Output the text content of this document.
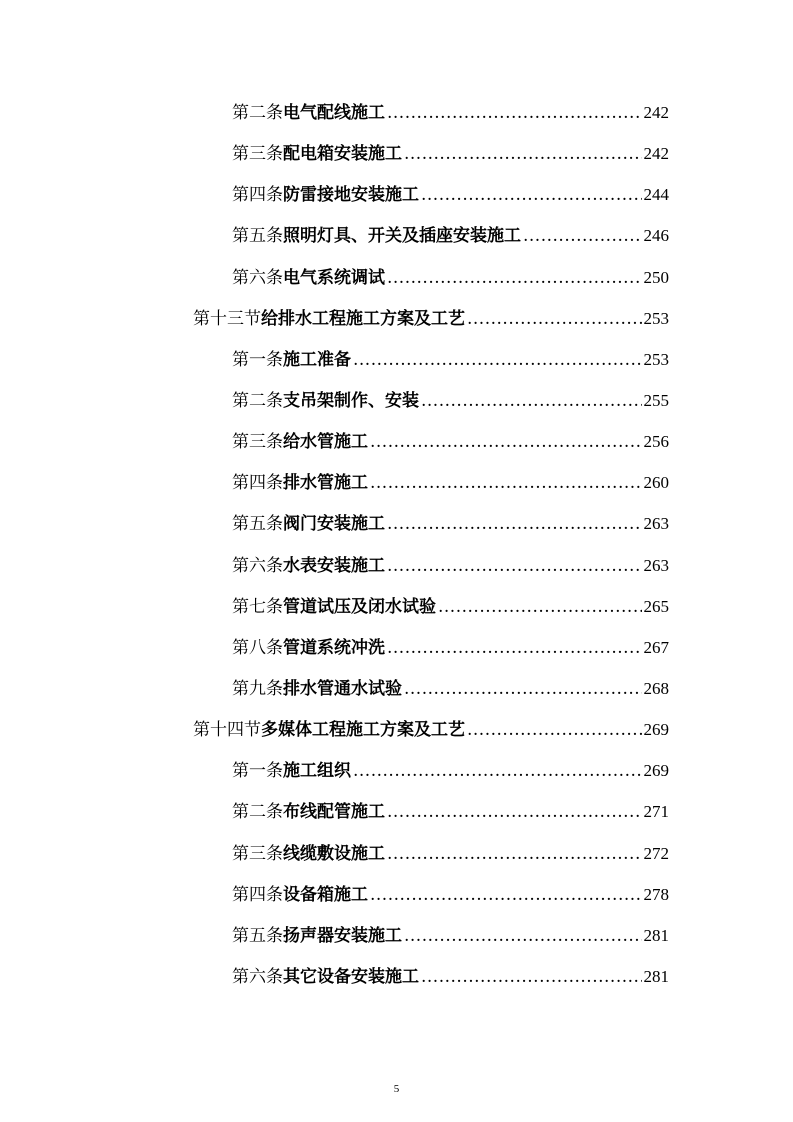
第二条 电气配线施工 .....	242
第三条 配电箱安装施工 .....	242
第四条 防雷接地安装施工 .....	244
第五条 照明灯具、开关及插座安装施工 .....	246
第六条 电气系统调试 .....	250
第十三节 给排水工程施工方案及工艺 .....	253
第一条 施工准备 .....	253
第二条 支吊架制作、安装 .....	255
第三条 给水管施工 .....	256
第四条 排水管施工 .....	260
第五条 阀门安装施工 .....	263
第六条 水表安装施工 .....	263
第七条 管道试压及闭水试验 .....	265
第八条 管道系统冲洗 .....	267
第九条 排水管通水试验 .....	268
第十四节 多媒体工程施工方案及工艺 .....	269
第一条 施工组织 .....	269
第二条 布线配管施工 .....	271
第三条 线缆敷设施工 .....	272
第四条 设备箱施工 .....	278
第五条 扬声器安装施工 .....	281
第六条 其它设备安装施工 .....	281
5
